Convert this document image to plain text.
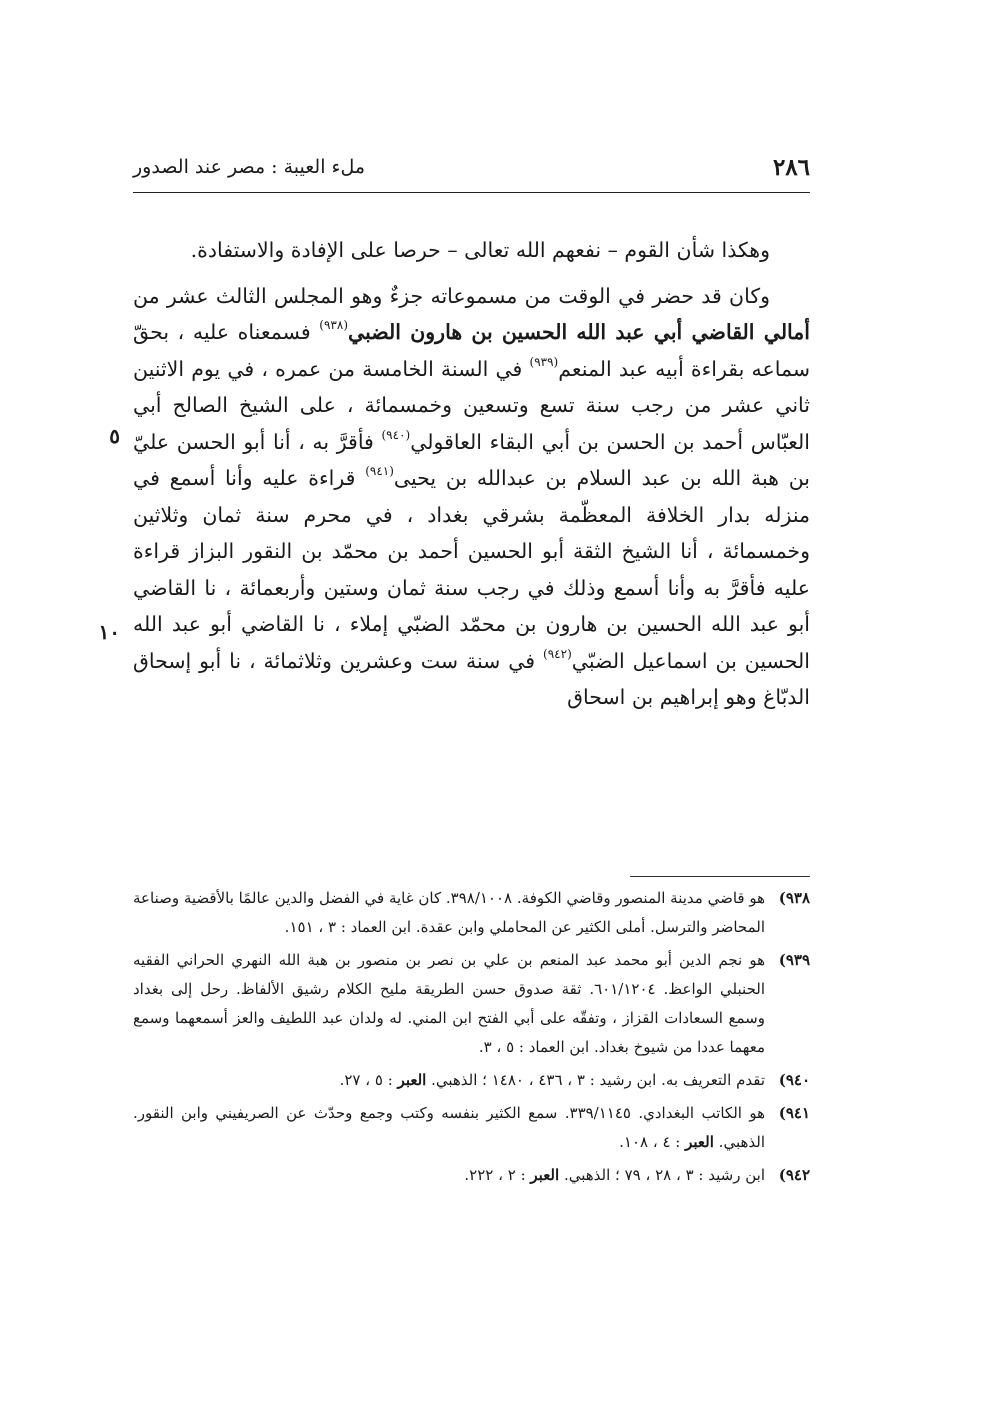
٢٨٦
ملء العيبة : مصر عند الصدور
٥
١٠

وهكذا شأن القوم – نفعهم الله تعالى – حرصا على الإفادة والاستفادة.

وكان قد حضر في الوقت من مسموعاته جزءٌ وهو المجلس الثالث عشر من أمالي القاضي أبي عبد الله الحسين بن هارون الضبي$^{(٩٣٨)}$ فسمعناه عليه ، بحقّ سماعه بقراءة أبيه عبد المنعم$^{(٩٣٩)}$ في السنة الخامسة من عمره ، في يوم الاثنين ثاني عشر من رجب سنة تسع وتسعين وخمسمائة ، على الشيخ الصالح أبي العبّاس أحمد بن الحسن بن أبي البقاء العاقولي$^{(٩٤٠)}$ فأقرَّ به ، أنا أبو الحسن عليّ بن هبة الله بن عبد السلام بن عبدالله بن يحيى$^{(٩٤١)}$ قراءة عليه وأنا أسمع في منزله بدار الخلافة المعظّمة بشرقي بغداد ، في محرم سنة ثمان وثلاثين وخمسمائة ، أنا الشيخ الثقة أبو الحسين أحمد بن محمّد بن النقور البزاز قراءة عليه فأقرَّ به وأنا أسمع وذلك في رجب سنة ثمان وستين وأربعمائة ، نا القاضي أبو عبد الله الحسين بن هارون بن محمّد الضبّي إملاء ، نا القاضي أبو عبد الله الحسين بن اسماعيل الضبّي$^{(٩٤٢)}$ في سنة ست وعشرين وثلاثمائة ، نا أبو إسحاق الدبّاغ وهو إبراهيم بن اسحاق

٩٣٨)
هو قاضي مدينة المنصور وقاضي الكوفة. ٣٩٨/١٠٠٨. كان غاية في الفضل والدين عالمًا بالأقضية وصناعة المحاضر والترسل. أملى الكثير عن المحاملي وابن عقدة. ابن العماد : ٣ ، ١٥١.
٩٣٩)
هو نجم الدين أبو محمد عبد المنعم بن علي بن نصر بن منصور بن هبة الله النهري الحراني الفقيه الحنبلي الواعظ. ٦٠١/١٢٠٤. ثقة صدوق حسن الطريقة مليح الكلام رشيق الألفاظ. رحل إلى بغداد وسمع السعادات القزاز ، وتفقّه على أبي الفتح ابن المني. له ولدان عبد اللطيف والعز أسمعهما وسمع معهما عددا من شيوخ بغداد. ابن العماد : ٥ ، ٣.
٩٤٠)
تقدم التعريف به. ابن رشيد : ٣ ، ٤٣٦ ، ١٤٨٠ ؛ الذهبي. العبر : ٥ ، ٢٧.
٩٤١)
هو الكاتب البغدادي. ٣٣٩/١١٤٥. سمع الكثير بنفسه وكتب وجمع وحدّث عن الصريفيني وابن النقور. الذهبي. العبر : ٤ ، ١٠٨.
٩٤٢)
ابن رشيد : ٣ ، ٢٨ ، ٧٩ ؛ الذهبي. العبر : ٢ ، ٢٢٢.
